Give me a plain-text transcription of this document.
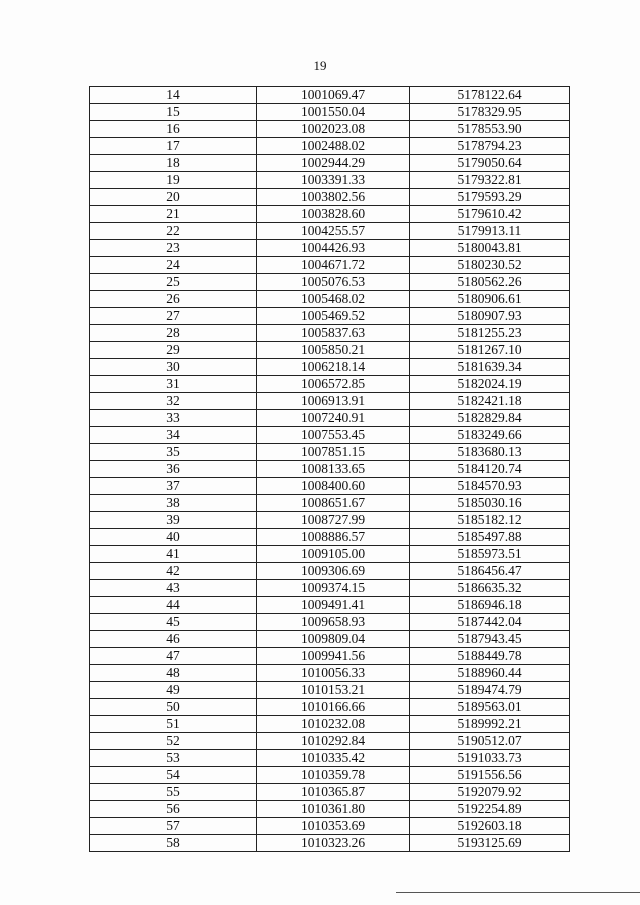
19
14	1001069.47	5178122.64
15	1001550.04	5178329.95
16	1002023.08	5178553.90
17	1002488.02	5178794.23
18	1002944.29	5179050.64
19	1003391.33	5179322.81
20	1003802.56	5179593.29
21	1003828.60	5179610.42
22	1004255.57	5179913.11
23	1004426.93	5180043.81
24	1004671.72	5180230.52
25	1005076.53	5180562.26
26	1005468.02	5180906.61
27	1005469.52	5180907.93
28	1005837.63	5181255.23
29	1005850.21	5181267.10
30	1006218.14	5181639.34
31	1006572.85	5182024.19
32	1006913.91	5182421.18
33	1007240.91	5182829.84
34	1007553.45	5183249.66
35	1007851.15	5183680.13
36	1008133.65	5184120.74
37	1008400.60	5184570.93
38	1008651.67	5185030.16
39	1008727.99	5185182.12
40	1008886.57	5185497.88
41	1009105.00	5185973.51
42	1009306.69	5186456.47
43	1009374.15	5186635.32
44	1009491.41	5186946.18
45	1009658.93	5187442.04
46	1009809.04	5187943.45
47	1009941.56	5188449.78
48	1010056.33	5188960.44
49	1010153.21	5189474.79
50	1010166.66	5189563.01
51	1010232.08	5189992.21
52	1010292.84	5190512.07
53	1010335.42	5191033.73
54	1010359.78	5191556.56
55	1010365.87	5192079.92
56	1010361.80	5192254.89
57	1010353.69	5192603.18
58	1010323.26	5193125.69
